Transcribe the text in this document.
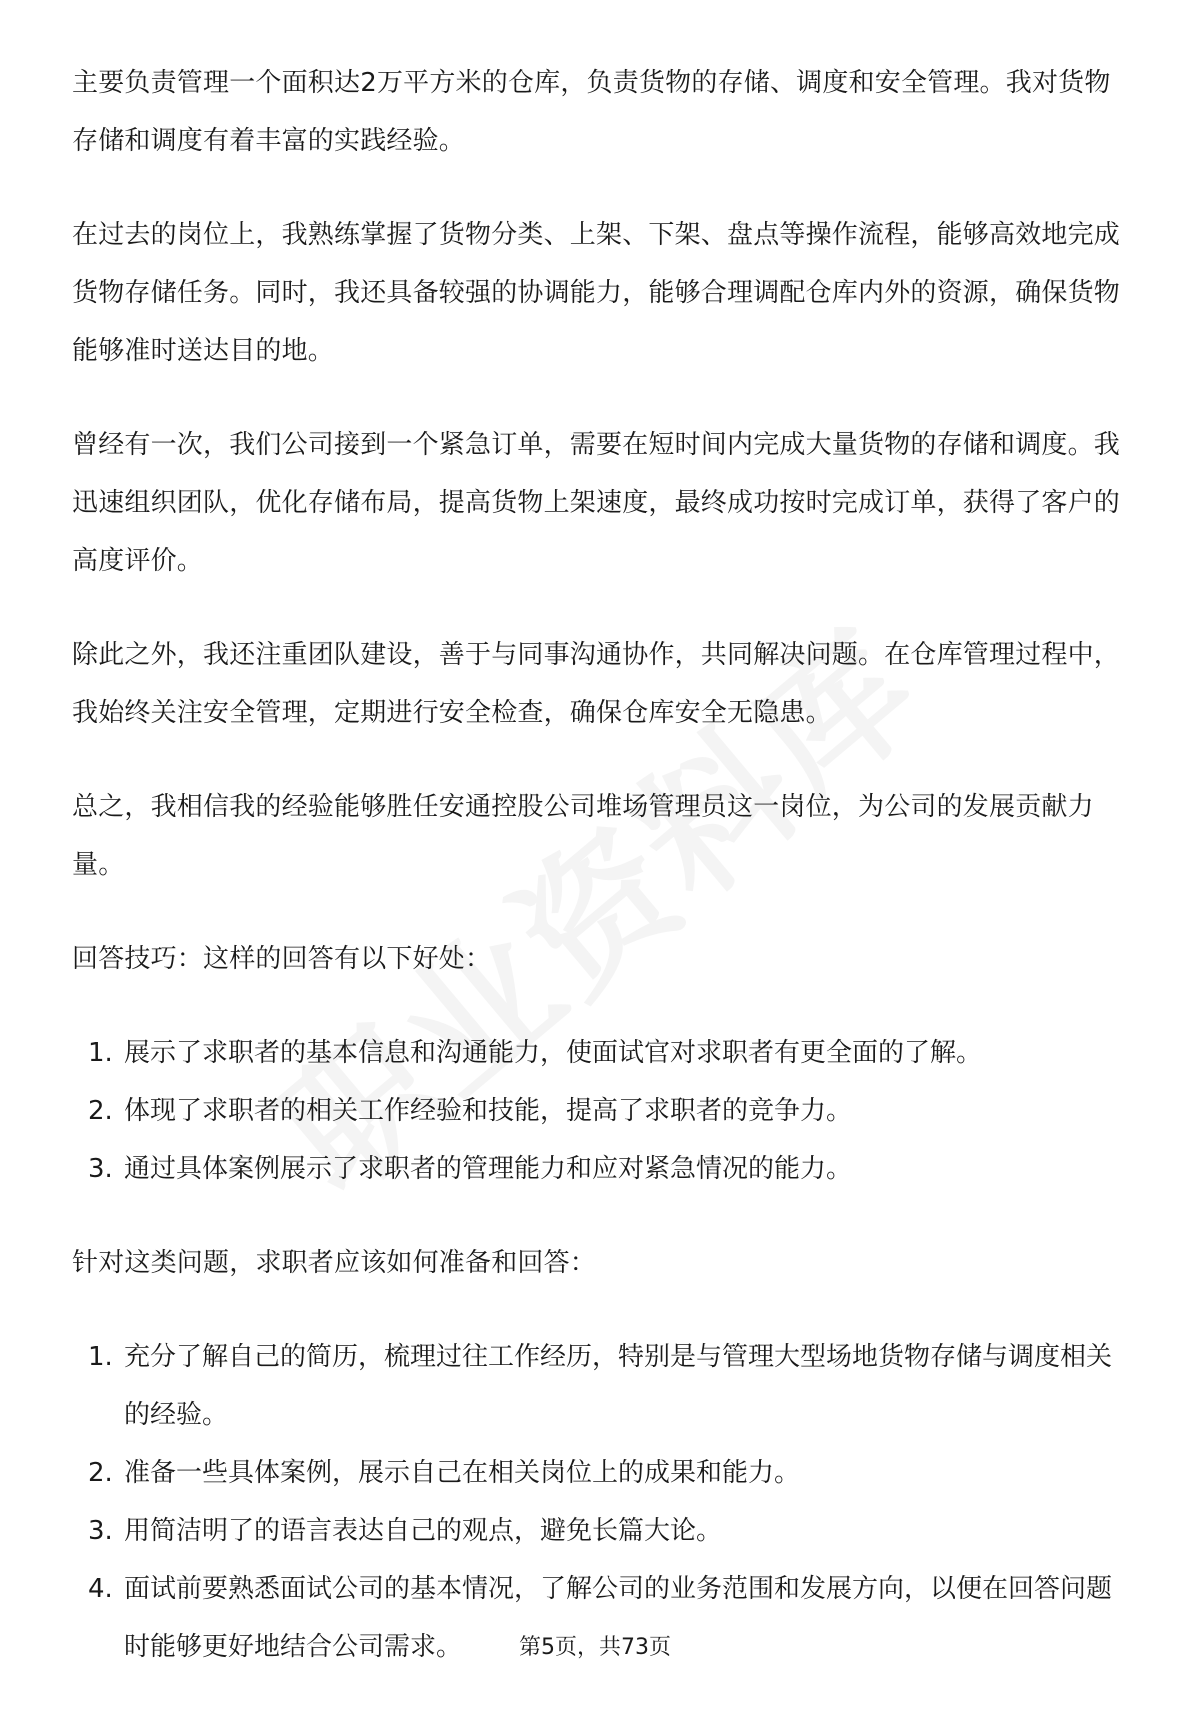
主要负责管理一个面积达2万平方米的仓库，负责货物的存储、调度和安全管理。我对货物存储和调度有着丰富的实践经验。

在过去的岗位上，我熟练掌握了货物分类、上架、下架、盘点等操作流程，能够高效地完成货物存储任务。同时，我还具备较强的协调能力，能够合理调配仓库内外的资源，确保货物能够准时送达目的地。

曾经有一次，我们公司接到一个紧急订单，需要在短时间内完成大量货物的存储和调度。我迅速组织团队，优化存储布局，提高货物上架速度，最终成功按时完成订单，获得了客户的高度评价。

除此之外，我还注重团队建设，善于与同事沟通协作，共同解决问题。在仓库管理过程中，我始终关注安全管理，定期进行安全检查，确保仓库安全无隐患。

总之，我相信我的经验能够胜任安通控股公司堆场管理员这一岗位，为公司的发展贡献力量。

回答技巧：这样的回答有以下好处：

1. 展示了求职者的基本信息和沟通能力，使面试官对求职者有更全面的了解。
2. 体现了求职者的相关工作经验和技能，提高了求职者的竞争力。
3. 通过具体案例展示了求职者的管理能力和应对紧急情况的能力。

针对这类问题，求职者应该如何准备和回答：

1. 充分了解自己的简历，梳理过往工作经历，特别是与管理大型场地货物存储与调度相关的经验。
2. 准备一些具体案例，展示自己在相关岗位上的成果和能力。
3. 用简洁明了的语言表达自己的观点，避免长篇大论。
4. 面试前要熟悉面试公司的基本情况，了解公司的业务范围和发展方向，以便在回答问题时能够更好地结合公司需求。	第5页，共73页
